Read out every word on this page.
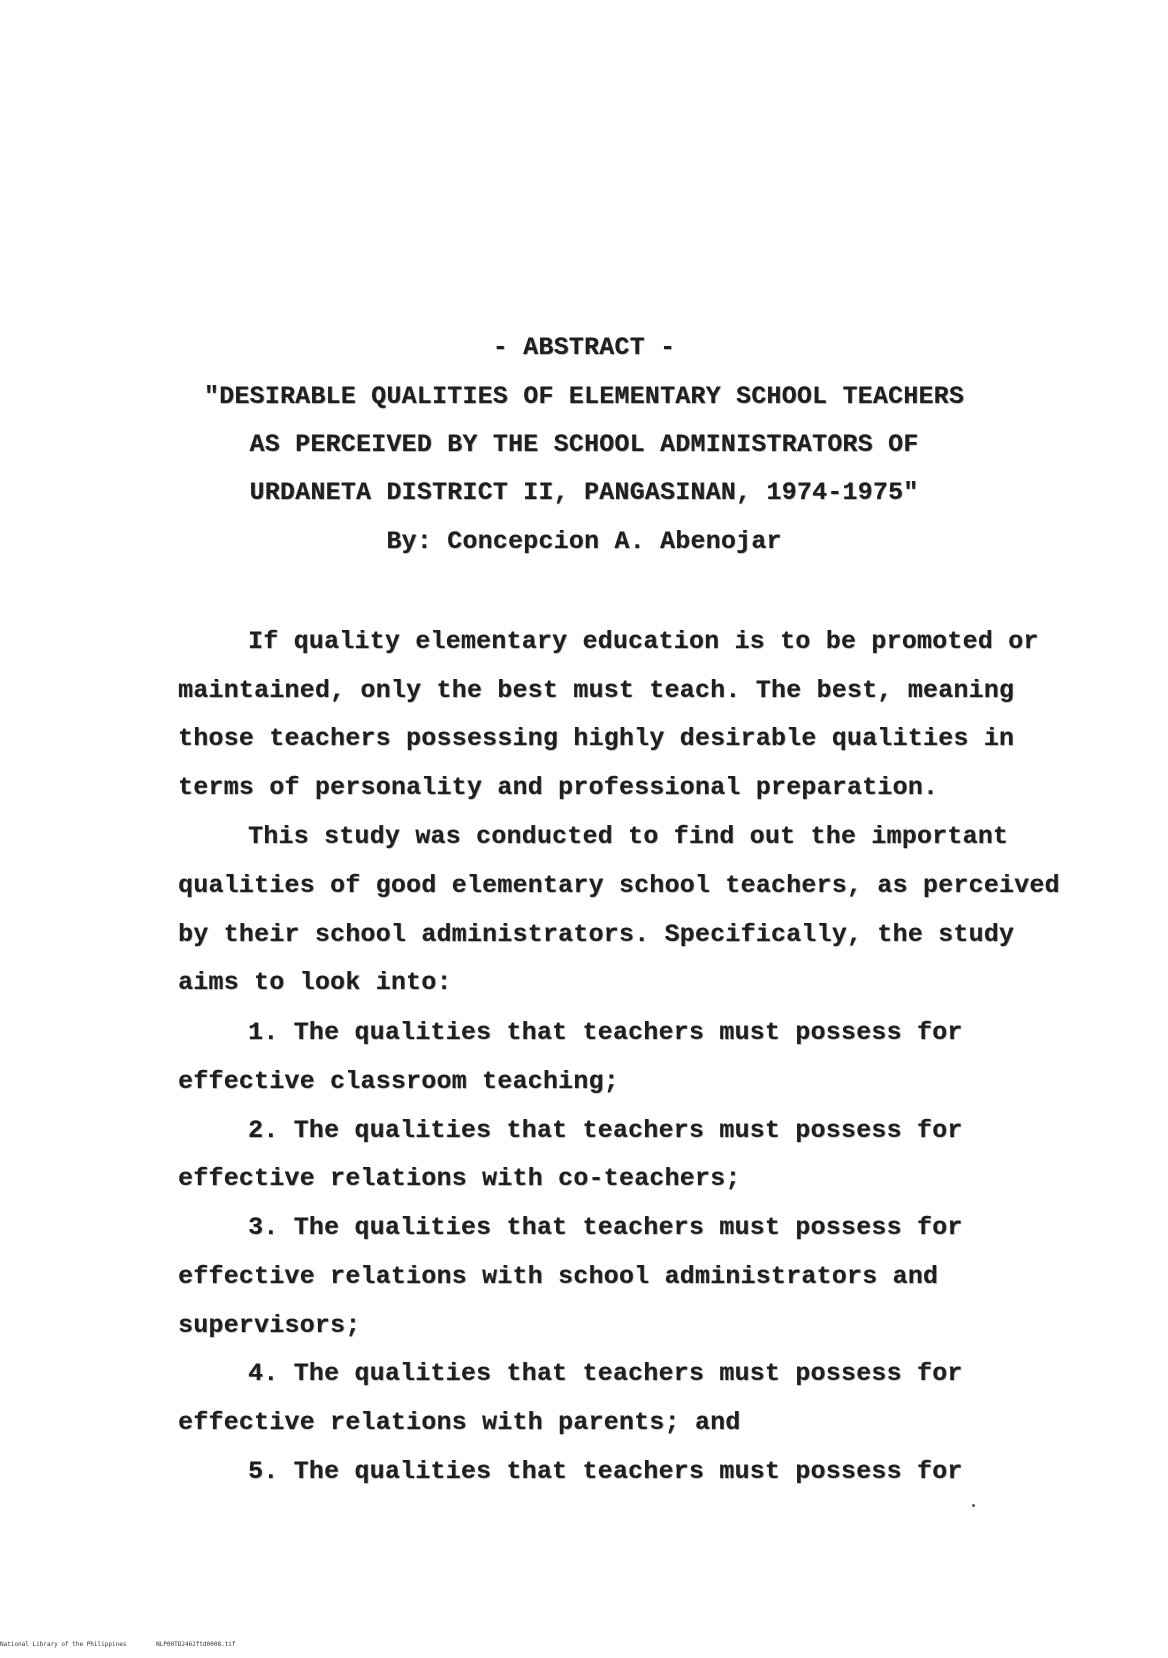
- ABSTRACT -
"DESIRABLE QUALITIES OF ELEMENTARY SCHOOL TEACHERS
AS PERCEIVED BY THE SCHOOL ADMINISTRATORS OF
URDANETA DISTRICT II, PANGASINAN, 1974-1975"
By: Concepcion A. Abenojar
If quality elementary education is to be promoted or
maintained, only the best must teach. The best, meaning
those teachers possessing highly desirable qualities in
terms of personality and professional preparation.
This study was conducted to find out the important
qualities of good elementary school teachers, as perceived
by their school administrators. Specifically, the study
aims to look into:
1. The qualities that teachers must possess for
effective classroom teaching;
2. The qualities that teachers must possess for
effective relations with co-teachers;
3. The qualities that teachers must possess for
effective relations with school administrators and
supervisors;
4. The qualities that teachers must possess for
effective relations with parents; and
5. The qualities that teachers must possess for
National Library of the Philippines	NLP00TD2462ftd0008.tif
